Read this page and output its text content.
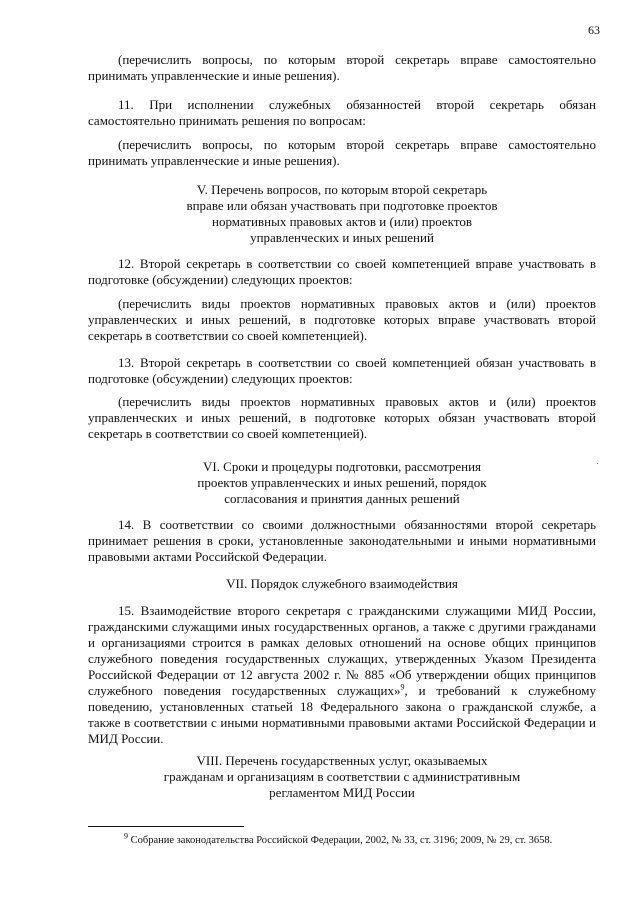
63
(перечислить вопросы, по которым второй секретарь вправе самостоятельно принимать управленческие и иные решения).
11. При исполнении служебных обязанностей второй секретарь обязан самостоятельно принимать решения по вопросам:
(перечислить вопросы, по которым второй секретарь вправе самостоятельно принимать управленческие и иные решения).
V. Перечень вопросов, по которым второй секретарь
вправе или обязан участвовать при подготовке проектов
нормативных правовых актов и (или) проектов
управленческих и иных решений
12. Второй секретарь в соответствии со своей компетенцией вправе участвовать в подготовке (обсуждении) следующих проектов:
(перечислить виды проектов нормативных правовых актов и (или) проектов управленческих и иных решений, в подготовке которых вправе участвовать второй секретарь в соответствии со своей компетенцией).
13. Второй секретарь в соответствии со своей компетенцией обязан участвовать в подготовке (обсуждении) следующих проектов:
(перечислить виды проектов нормативных правовых актов и (или) проектов управленческих и иных решений, в подготовке которых обязан участвовать второй секретарь в соответствии со своей компетенцией).
VI. Сроки и процедуры подготовки, рассмотрения
проектов управленческих и иных решений, порядок
согласования и принятия данных решений
14. В соответствии со своими должностными обязанностями второй секретарь принимает решения в сроки, установленные законодательными и иными нормативными правовыми актами Российской Федерации.
VII. Порядок служебного взаимодействия
15. Взаимодействие второго секретаря с гражданскими служащими МИД России, гражданскими служащими иных государственных органов, а также с другими гражданами и организациями строится в рамках деловых отношений на основе общих принципов служебного поведения государственных служащих, утвержденных Указом Президента Российской Федерации от 12 августа 2002 г. № 885 «Об утверждении общих принципов служебного поведения государственных служащих»$^9$, и требований к служебному поведению, установленных статьей 18 Федерального закона о гражданской службе, а также в соответствии с иными нормативными правовыми актами Российской Федерации и МИД России.
VIII. Перечень государственных услуг, оказываемых
гражданам и организациям в соответствии с административным
регламентом МИД России
$^9$ Собрание законодательства Российской Федерации, 2002, № 33, ст. 3196; 2009, № 29, ст. 3658.
